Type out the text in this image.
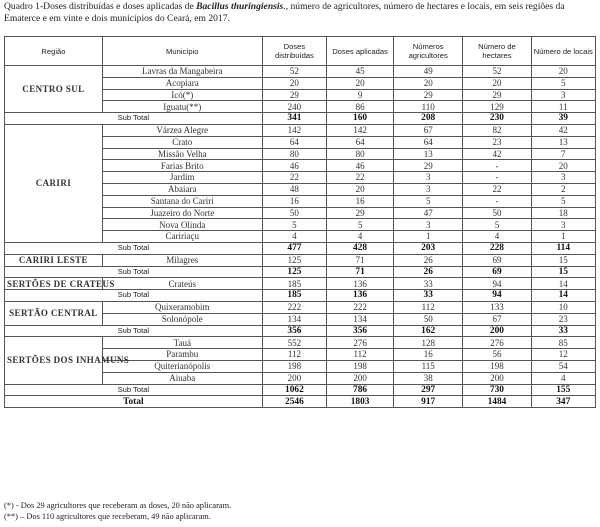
Quadro 1-Doses distribuídas e doses aplicadas de Bacillus thuringiensis., número de agricultores, número de hectares e locais, em seis regiões da Ematerce e em vinte e dois municípios do Ceará, em 2017.
Região	Município	Doses distribuídas	Doses aplicadas	Números agricultores	Número de hectares	Número de locais
CENTRO SUL	Lavras da Mangabeira	52	45	49	52	20
	Acopiara	20	20	20	20	5
	Icó(*)	29	9	29	29	3
	Iguatu(**)	240	86	110	129	11
Sub Total		341	160	208	230	39
CARIRI	Várzea Alegre	142	142	67	82	42
	Crato	64	64	64	23	13
	Missão Velha	80	80	13	42	7
	Farias Brito	46	46	29	-	20
	Jardim	22	22	3	-	3
	Abaiara	48	20	3	22	2
	Santana do Cariri	16	16	5	-	5
	Juazeiro do Norte	50	29	47	50	18
	Nova Olinda	5	5	3	5	3
	Caririaçu	4	4	1	4	1
Sub Total		477	428	203	228	114
CARIRI LESTE	Milagres	125	71	26	69	15
Sub Total		125	71	26	69	15
SERTÕES DE CRATEUS	Crateús	185	136	33	94	14
Sub Total		185	136	33	94	14
SERTÃO CENTRAL	Quixeramobim	222	222	112	133	10
	Solonópole	134	134	50	67	23
Sub Total		356	356	162	200	33
SERTÕES DOS INHAMUNS	Tauá	552	276	128	276	85
	Parambu	112	112	16	56	12
	Quiterianópolis	198	198	115	198	54
	Aiuaba	200	200	38	200	4
Sub Total		1062	786	297	730	155
Total		2546	1803	917	1484	347
(*) - Dos 29 agricultores que receberam as doses, 20 não aplicaram.
(**) – Dos 110 agricultores que receberam, 49 não aplicaram.
